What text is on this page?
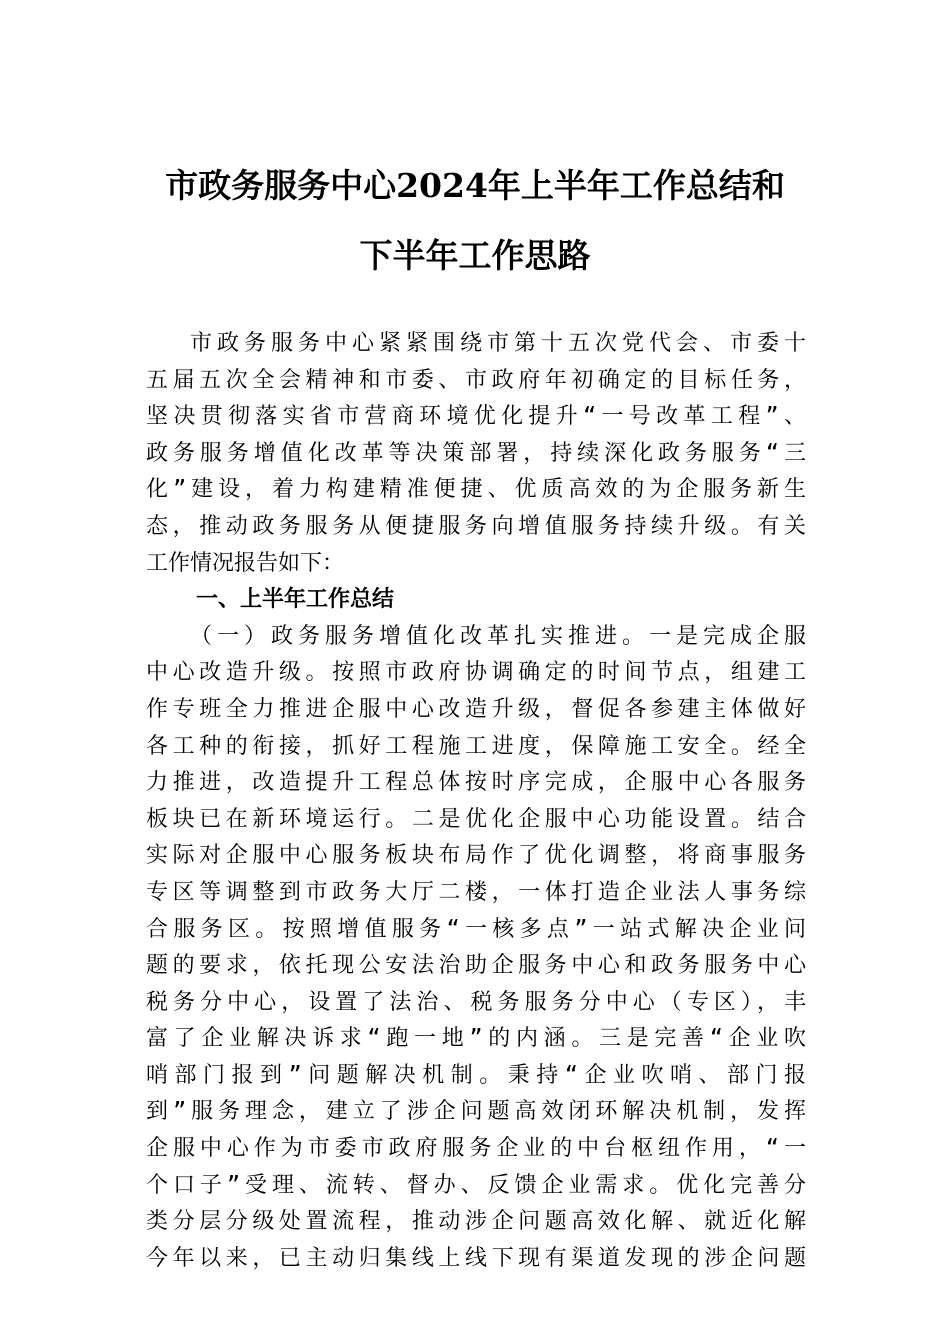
市政务服务中心2024年上半年工作总结和
下半年工作思路
市政务服务中心紧紧围绕市第十五次党代会、市委十
五届五次全会精神和市委、市政府年初确定的目标任务，
坚决贯彻落实省市营商环境优化提升“一号改革工程”、
政务服务增值化改革等决策部署，持续深化政务服务“三
化”建设，着力构建精准便捷、优质高效的为企服务新生
态，推动政务服务从便捷服务向增值服务持续升级。有关
工作情况报告如下：
一、上半年工作总结
（一）政务服务增值化改革扎实推进。一是完成企服
中心改造升级。按照市政府协调确定的时间节点，组建工
作专班全力推进企服中心改造升级，督促各参建主体做好
各工种的衔接，抓好工程施工进度，保障施工安全。经全
力推进，改造提升工程总体按时序完成，企服中心各服务
板块已在新环境运行。二是优化企服中心功能设置。结合
实际对企服中心服务板块布局作了优化调整，将商事服务
专区等调整到市政务大厅二楼，一体打造企业法人事务综
合服务区。按照增值服务“一核多点”一站式解决企业问
题的要求，依托现公安法治助企服务中心和政务服务中心
税务分中心，设置了法治、税务服务分中心（专区），丰
富了企业解决诉求“跑一地”的内涵。三是完善“企业吹
哨部门报到”问题解决机制。秉持“企业吹哨、部门报
到”服务理念，建立了涉企问题高效闭环解决机制，发挥
企服中心作为市委市政府服务企业的中台枢纽作用，“一
个口子”受理、流转、督办、反馈企业需求。优化完善分
类分层分级处置流程，推动涉企问题高效化解、就近化解
今年以来，已主动归集线上线下现有渠道发现的涉企问题
